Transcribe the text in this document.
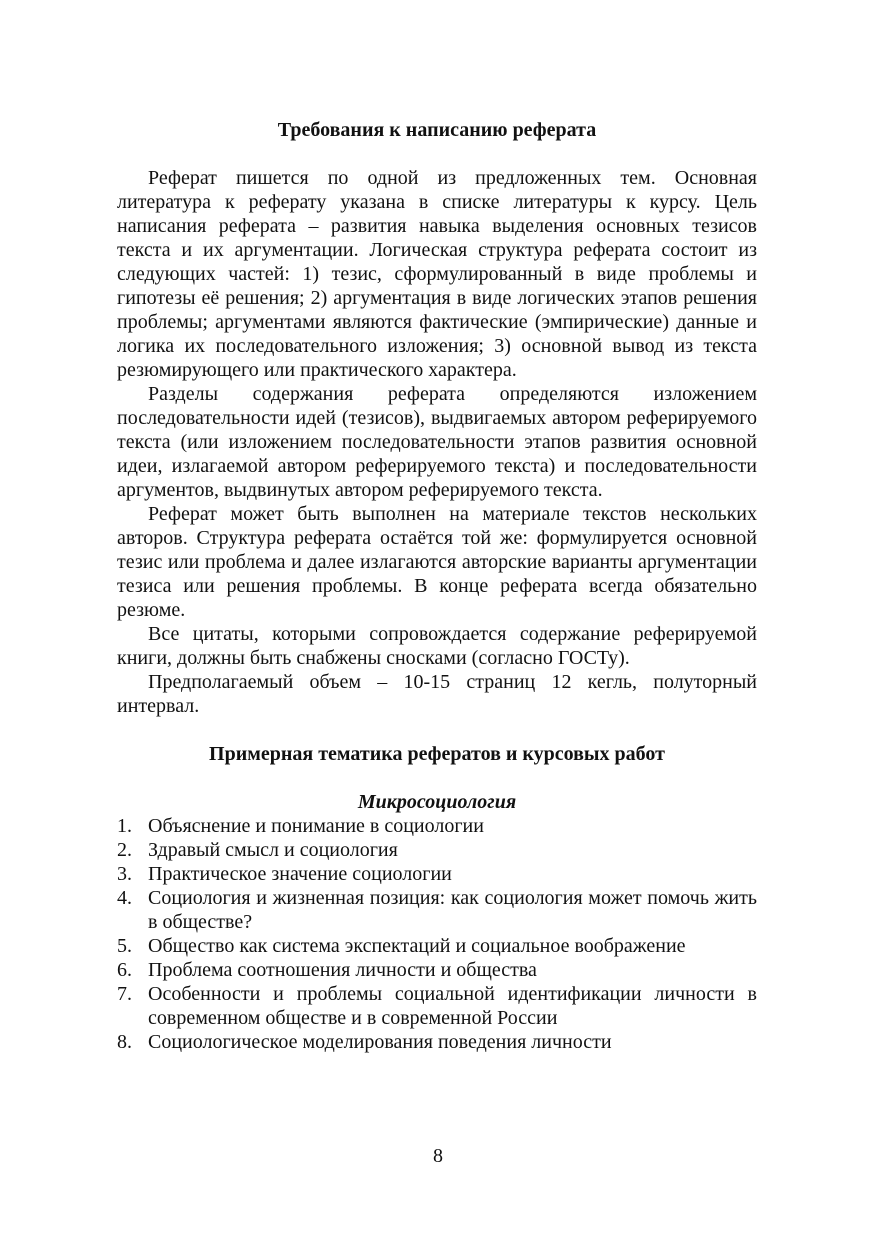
Требования к написанию реферата

Реферат пишется по одной из предложенных тем. Основная литература к реферату указана в списке литературы к курсу. Цель написания реферата – развития навыка выделения основных тезисов текста и их аргументации. Логическая структура реферата состоит из следующих частей: 1) тезис, сформулированный в виде проблемы и гипотезы её решения; 2) аргументация в виде логических этапов решения проблемы; аргументами являются фактические (эмпирические) данные и логика их последовательного изложения; 3) основной вывод из текста резюмирующего или практического характера.

Разделы содержания реферата определяются изложением последовательности идей (тезисов), выдвигаемых автором реферируемого текста (или изложением последовательности этапов развития основной идеи, излагаемой автором реферируемого текста) и последовательности аргументов, выдвинутых автором реферируемого текста.

Реферат может быть выполнен на материале текстов нескольких авторов. Структура реферата остаётся той же: формулируется основной тезис или проблема и далее излагаются авторские варианты аргументации тезиса или решения проблемы. В конце реферата всегда обязательно резюме.

Все цитаты, которыми сопровождается содержание реферируемой книги, должны быть снабжены сносками (согласно ГОСТу).

Предполагаемый объем – 10-15 страниц 12 кегль, полуторный интервал.

Примерная тематика рефератов и курсовых работ
Микросоциология
1. Объяснение и понимание в социологии
2. Здравый смысл и социология
3. Практическое значение социологии
4. Социология и жизненная позиция: как социология может помочь жить в обществе?
5. Общество как система экспектаций и социальное воображение
6. Проблема соотношения личности и общества
7. Особенности и проблемы социальной идентификации личности в современном обществе и в современной России
8. Социологическое моделирования поведения личности
8
